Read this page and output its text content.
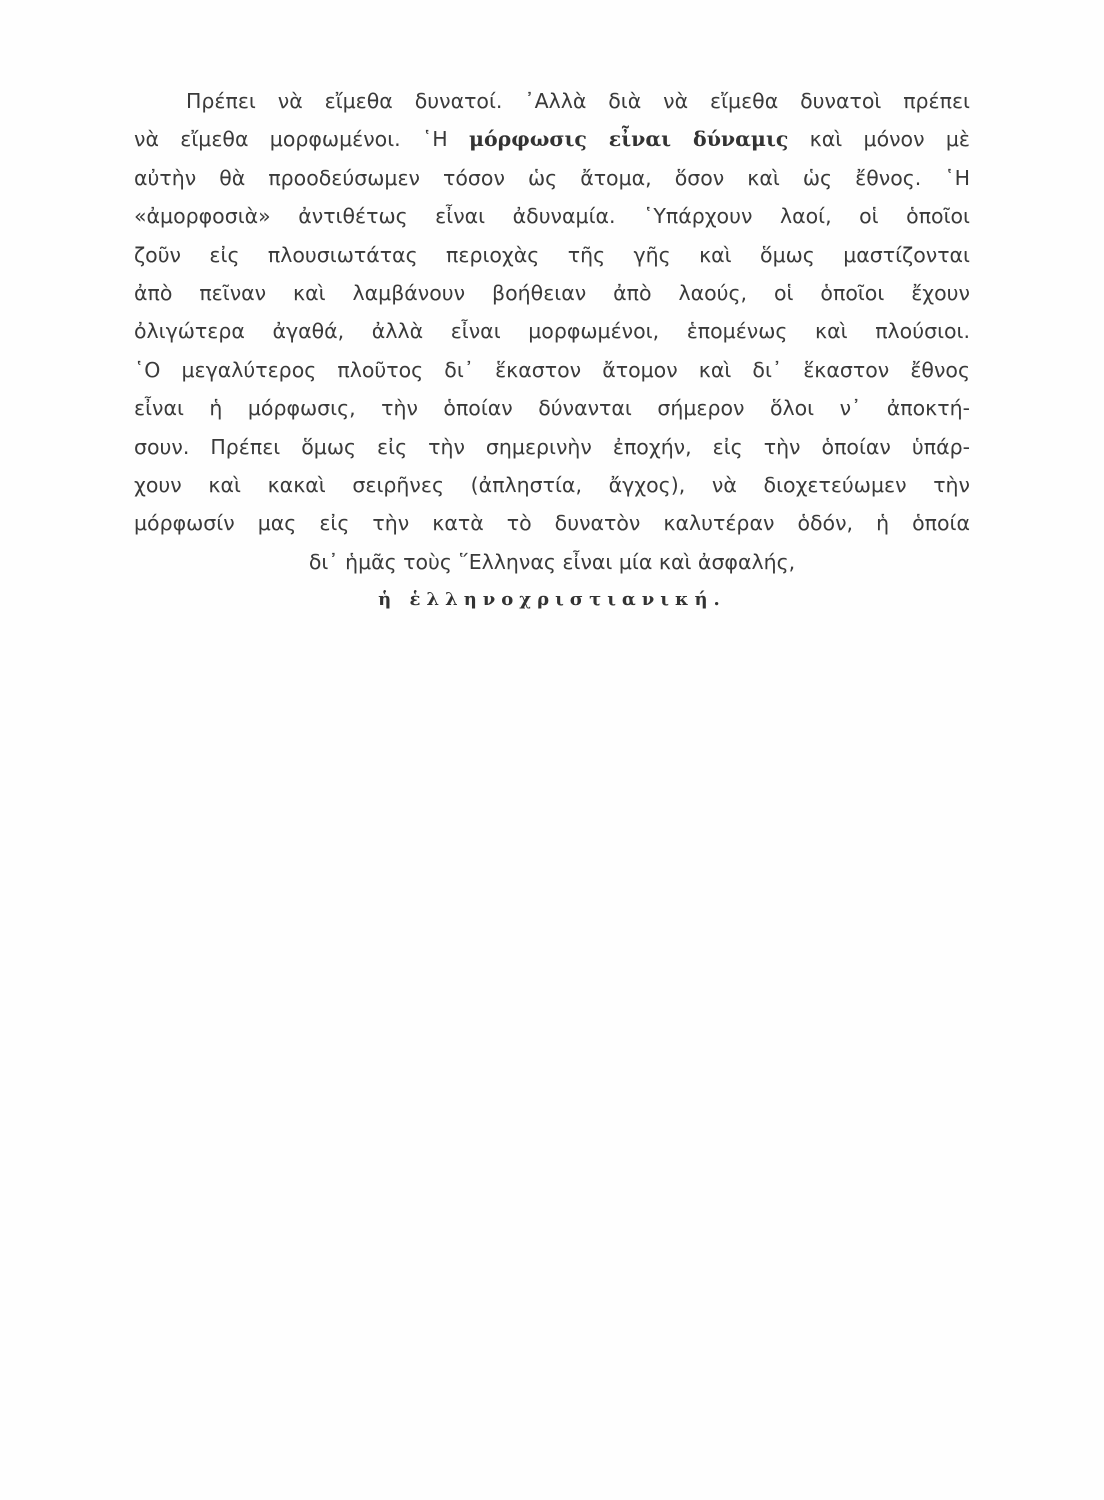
Πρέπει νὰ εἴμεθα δυνατοί. ᾿Αλλὰ διὰ νὰ εἴμεθα δυνατοὶ πρέπει
νὰ εἴμεθα μορφωμένοι. ῾Η μόρφωσις εἶναι δύναμις καὶ μόνον μὲ
αὐτὴν θὰ προοδεύσωμεν τόσον ὡς ἄτομα, ὅσον καὶ ὡς ἔθνος. ῾Η
«ἀμορφοσιὰ» ἀντιθέτως εἶναι ἀδυναμία. ῾Υπάρχουν λαοί, οἱ ὁποῖοι
ζοῦν εἰς πλουσιωτάτας περιοχὰς τῆς γῆς καὶ ὅμως μαστίζονται
ἀπὸ πεῖναν καὶ λαμβάνουν βοήθειαν ἀπὸ λαούς, οἱ ὁποῖοι ἔχουν
ὀλιγώτερα ἀγαθά, ἀλλὰ εἶναι μορφωμένοι, ἑπομένως καὶ πλούσιοι.
῾Ο μεγαλύτερος πλοῦτος δι᾿ ἕκαστον ἄτομον καὶ δι᾿ ἕκαστον ἔθνος
εἶναι ἡ μόρφωσις, τὴν ὁποίαν δύνανται σήμερον ὅλοι ν᾿ ἀποκτή-
σουν. Πρέπει ὅμως εἰς τὴν σημερινὴν ἐποχήν, εἰς τὴν ὁποίαν ὑπάρ-
χουν καὶ κακαὶ σειρῆνες (ἀπληστία, ἄγχος), νὰ διοχετεύωμεν τὴν
μόρφωσίν μας εἰς τὴν κατὰ τὸ δυνατὸν καλυτέραν ὁδόν, ἡ ὁποία
δι᾿ ἡμᾶς τοὺς ῞Ελληνας εἶναι μία καὶ ἀσφαλής,
ἡ ἑλληνοχριστιανική.
